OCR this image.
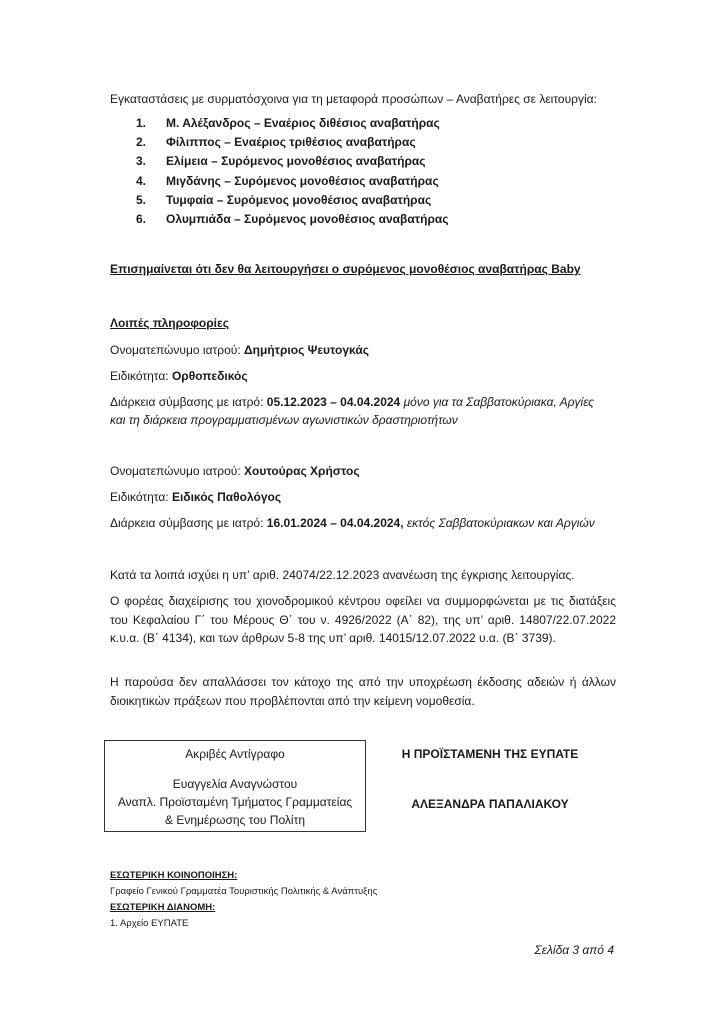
Εγκαταστάσεις με συρματόσχοινα για τη μεταφορά προσώπων – Αναβατήρες σε λειτουργία:
1. Μ. Αλέξανδρος – Εναέριος διθέσιος αναβατήρας
2. Φίλιππος – Εναέριος τριθέσιος αναβατήρας
3. Ελίμεια – Συρόμενος μονοθέσιος αναβατήρας
4. Μιγδάνης – Συρόμενος μονοθέσιος αναβατήρας
5. Τυμφαία – Συρόμενος μονοθέσιος αναβατήρας
6. Ολυμπιάδα – Συρόμενος μονοθέσιος αναβατήρας
Επισημαίνεται ότι δεν θα λειτουργήσει ο συρόμενος μονοθέσιος αναβατήρας Baby
Λοιπές πληροφορίες
Ονοματεπώνυμο ιατρού: Δημήτριος Ψευτογκάς
Ειδικότητα: Ορθοπεδικός
Διάρκεια σύμβασης με ιατρό: 05.12.2023 – 04.04.2024 μόνο για τα Σαββατοκύριακα, Αργίες
και τη διάρκεια προγραμματισμένων αγωνιστικών δραστηριοτήτων
Ονοματεπώνυμο ιατρού: Χουτούρας Χρήστος
Ειδικότητα: Ειδικός Παθολόγος
Διάρκεια σύμβασης με ιατρό: 16.01.2024 – 04.04.2024, εκτός Σαββατοκύριακων και Αργιών
Κατά τα λοιπά ισχύει η υπ’ αριθ. 24074/22.12.2023 ανανέωση της έγκρισης λειτουργίας.
Ο φορέας διαχείρισης του χιονοδρομικού κέντρου οφείλει να συμμορφώνεται με τις διατάξεις του Κεφαλαίου Γ΄ του Μέρους Θ΄ του ν. 4926/2022 (Α΄ 82), της υπ’ αριθ. 14807/22.07.2022 κ.υ.α. (Β΄ 4134), και των άρθρων 5-8 της υπ’ αριθ. 14015/12.07.2022 υ.α. (Β΄ 3739).
Η παρούσα δεν απαλλάσσει τον κάτοχο της από την υποχρέωση έκδοσης αδειών ή άλλων διοικητικών πράξεων που προβλέπονται από την κείμενη νομοθεσία.
Ακριβές Αντίγραφο
Ευαγγελία Αναγνώστου
Αναπλ. Προϊσταμένη Τμήματος Γραμματείας
& Ενημέρωσης του Πολίτη
Η ΠΡΟΪΣΤΑΜΕΝΗ ΤΗΣ ΕΥΠΑΤΕ
ΑΛΕΞΑΝΔΡΑ ΠΑΠΑΛΙΑΚΟΥ
ΕΣΩΤΕΡΙΚΗ ΚΟΙΝΟΠΟΙΗΣΗ:
Γραφείο Γενικού Γραμματέα Τουριστικής Πολιτικής & Ανάπτυξης
ΕΣΩΤΕΡΙΚΗ ΔΙΑΝΟΜΗ:
1. Αρχείο ΕΥΠΑΤΕ
Σελίδα 3 από 4
